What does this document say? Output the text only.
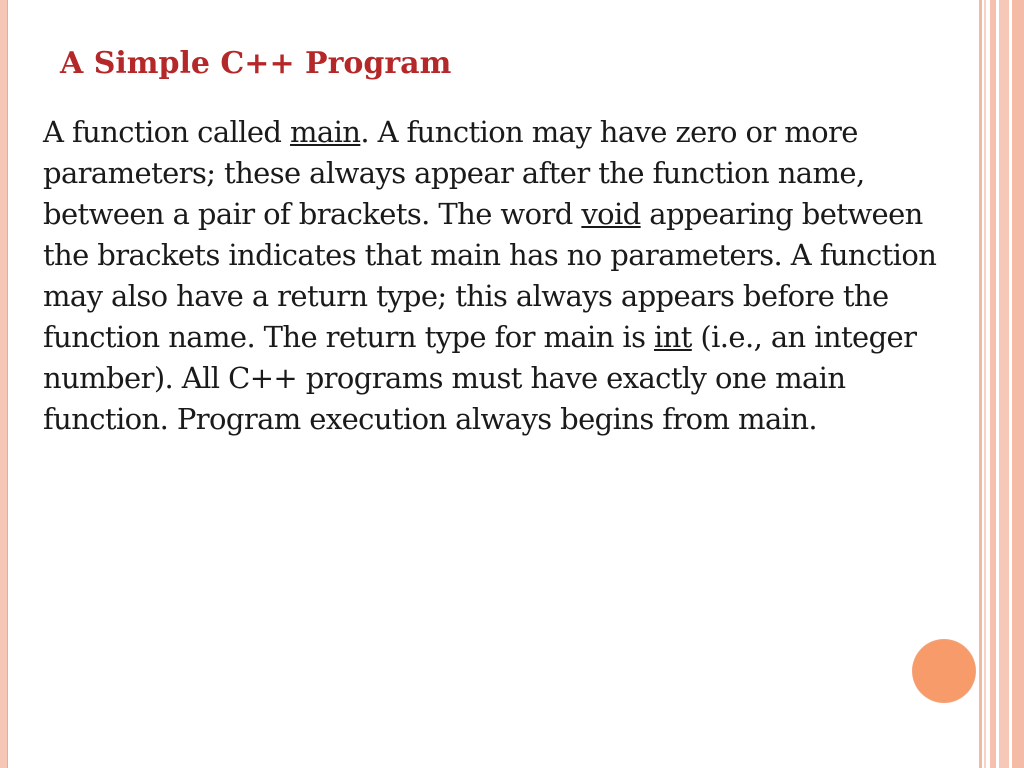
A Simple C++ Program

A function called main. A function may have zero or more parameters; these always appear after the function name, between a pair of brackets. The word void appearing between the brackets indicates that main has no parameters. A function may also have a return type; this always appears before the function name. The return type for main is int (i.e., an integer number). All C++ programs must have exactly one main function. Program execution always begins from main.
